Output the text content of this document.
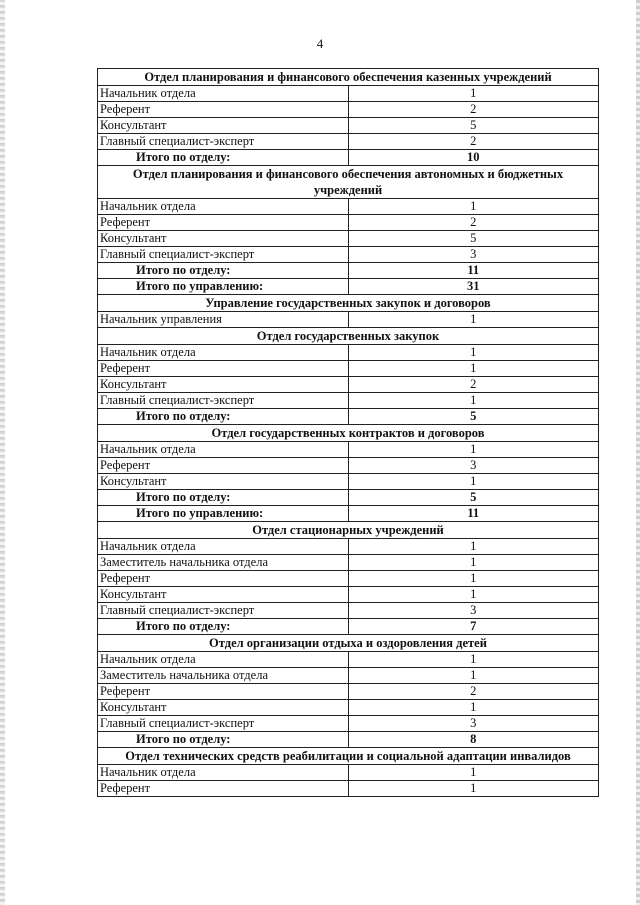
4
Отдел планирования и финансового обеспечения казенных учреждений	
Начальник отдела	1
Референт	2
Консультант	5
Главный специалист-эксперт	2
Итого по отделу:	10
Отдел планирования и финансового обеспечения автономных и бюджетных учреждений	
Начальник отдела	1
Референт	2
Консультант	5
Главный специалист-эксперт	3
Итого по отделу:	11
Итого по управлению:	31
Управление государственных закупок и договоров	
Начальник управления	1
Отдел государственных закупок	
Начальник отдела	1
Референт	1
Консультант	2
Главный специалист-эксперт	1
Итого по отделу:	5
Отдел государственных контрактов и договоров	
Начальник отдела	1
Референт	3
Консультант	1
Итого по отделу:	5
Итого по управлению:	11
Отдел стационарных учреждений	
Начальник отдела	1
Заместитель начальника отдела	1
Референт	1
Консультант	1
Главный специалист-эксперт	3
Итого по отделу:	7
Отдел организации отдыха и оздоровления детей	
Начальник отдела	1
Заместитель начальника отдела	1
Референт	2
Консультант	1
Главный специалист-эксперт	3
Итого по отделу:	8
Отдел технических средств реабилитации и социальной адаптации инвалидов	
Начальник отдела	1
Референт	1
